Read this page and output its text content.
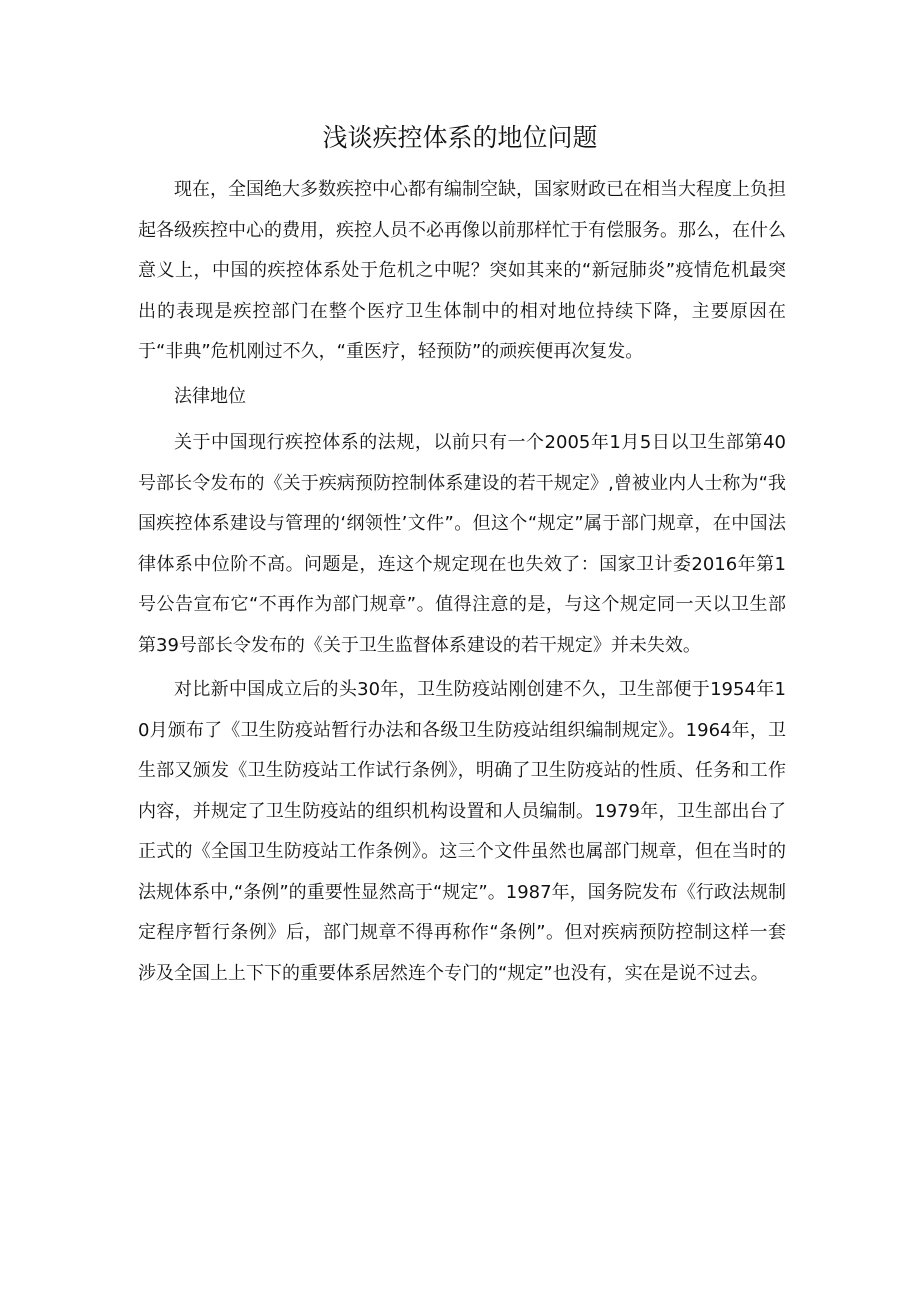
浅谈疾控体系的地位问题

现在，全国绝大多数疾控中心都有编制空缺，国家财政已在相当大程度上负担起各级疾控中心的费用，疾控人员不必再像以前那样忙于有偿服务。那么，在什么意义上，中国的疾控体系处于危机之中呢？突如其来的“新冠肺炎”疫情危机最突出的表现是疾控部门在整个医疗卫生体制中的相对地位持续下降，主要原因在于“非典”危机刚过不久，“重医疗，轻预防”的顽疾便再次复发。

法律地位

关于中国现行疾控体系的法规，以前只有一个2005年1月5日以卫生部第40号部长令发布的《关于疾病预防控制体系建设的若干规定》,曾被业内人士称为“我国疾控体系建设与管理的‘纲领性’文件”。但这个“规定”属于部门规章，在中国法律体系中位阶不高。问题是，连这个规定现在也失效了：国家卫计委2016年第1号公告宣布它“不再作为部门规章”。值得注意的是，与这个规定同一天以卫生部第39号部长令发布的《关于卫生监督体系建设的若干规定》并未失效。

对比新中国成立后的头30年，卫生防疫站刚创建不久，卫生部便于1954年10月颁布了《卫生防疫站暂行办法和各级卫生防疫站组织编制规定》。1964年，卫生部又颁发《卫生防疫站工作试行条例》，明确了卫生防疫站的性质、任务和工作内容，并规定了卫生防疫站的组织机构设置和人员编制。1979年，卫生部出台了正式的《全国卫生防疫站工作条例》。这三个文件虽然也属部门规章，但在当时的法规体系中,“条例”的重要性显然高于“规定”。1987年，国务院发布《行政法规制定程序暂行条例》后，部门规章不得再称作“条例”。但对疾病预防控制这样一套涉及全国上上下下的重要体系居然连个专门的“规定”也没有，实在是说不过去。
